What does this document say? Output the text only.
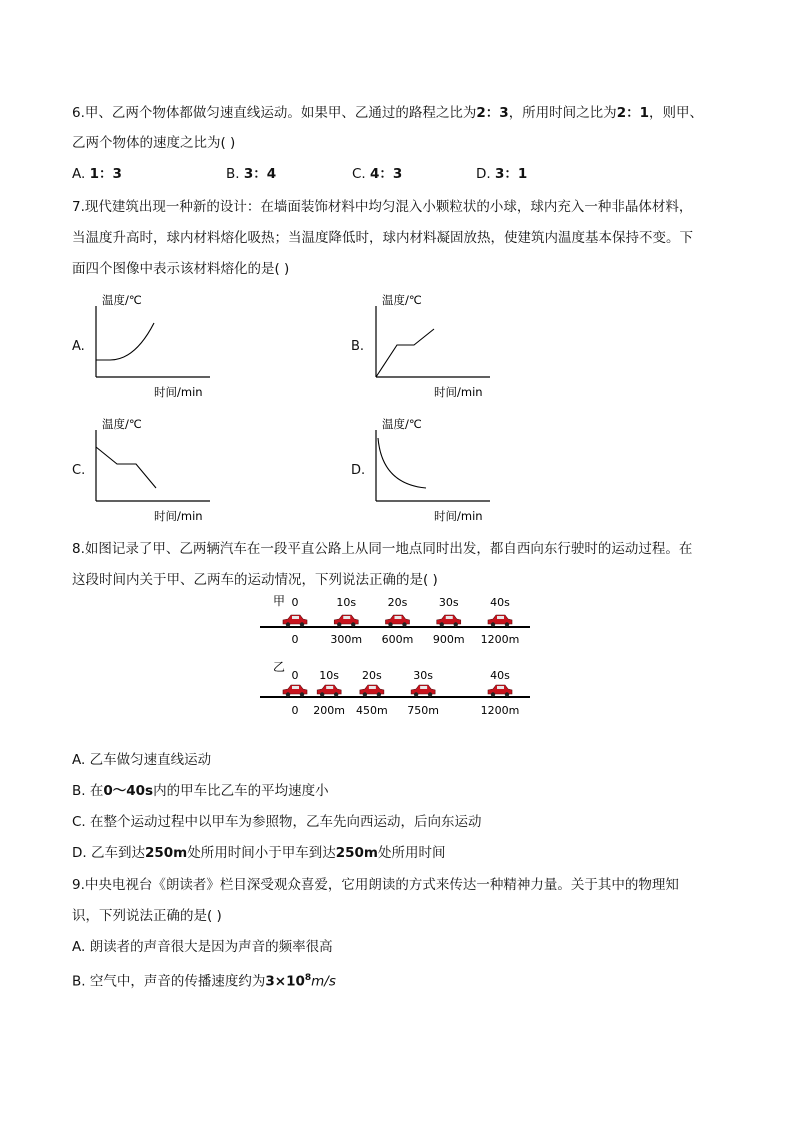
6.甲、乙两个物体都做匀速直线运动。如果甲、乙通过的路程之比为2：3，所用时间之比为2：1，则甲、
乙两个物体的速度之比为( )
A. 1：3	B. 3：4	C. 4：3	D. 3：1
7.现代建筑出现一种新的设计：在墙面装饰材料中均匀混入小颗粒状的小球，球内充入一种非晶体材料，
当温度升高时，球内材料熔化吸热；当温度降低时，球内材料凝固放热，使建筑内温度基本保持不变。下
面四个图像中表示该材料熔化的是( )
A.
温度/℃
时间/min
B.
温度/℃
时间/min
C.
温度/℃
时间/min
D.
温度/℃
时间/min
8.如图记录了甲、乙两辆汽车在一段平直公路上从同一地点同时出发，都自西向东行驶时的运动过程。在
这段时间内关于甲、乙两车的运动情况，下列说法正确的是( )
甲 0
0
10s
300m
20s
600m
30s
900m
40s
1200m
乙
0
0
10s
200m
20s
450m
30s
750m
40s
1200m
A. 乙车做匀速直线运动
B. 在0～40s内的甲车比乙车的平均速度小
C. 在整个运动过程中以甲车为参照物，乙车先向西运动，后向东运动
D. 乙车到达250m处所用时间小于甲车到达250m处所用时间
9.中央电视台《朗读者》栏目深受观众喜爱，它用朗读的方式来传达一种精神力量。关于其中的物理知
识，下列说法正确的是( )
A. 朗读者的声音很大是因为声音的频率很高
B. 空气中，声音的传播速度约为$3\times 10^8m/s$
